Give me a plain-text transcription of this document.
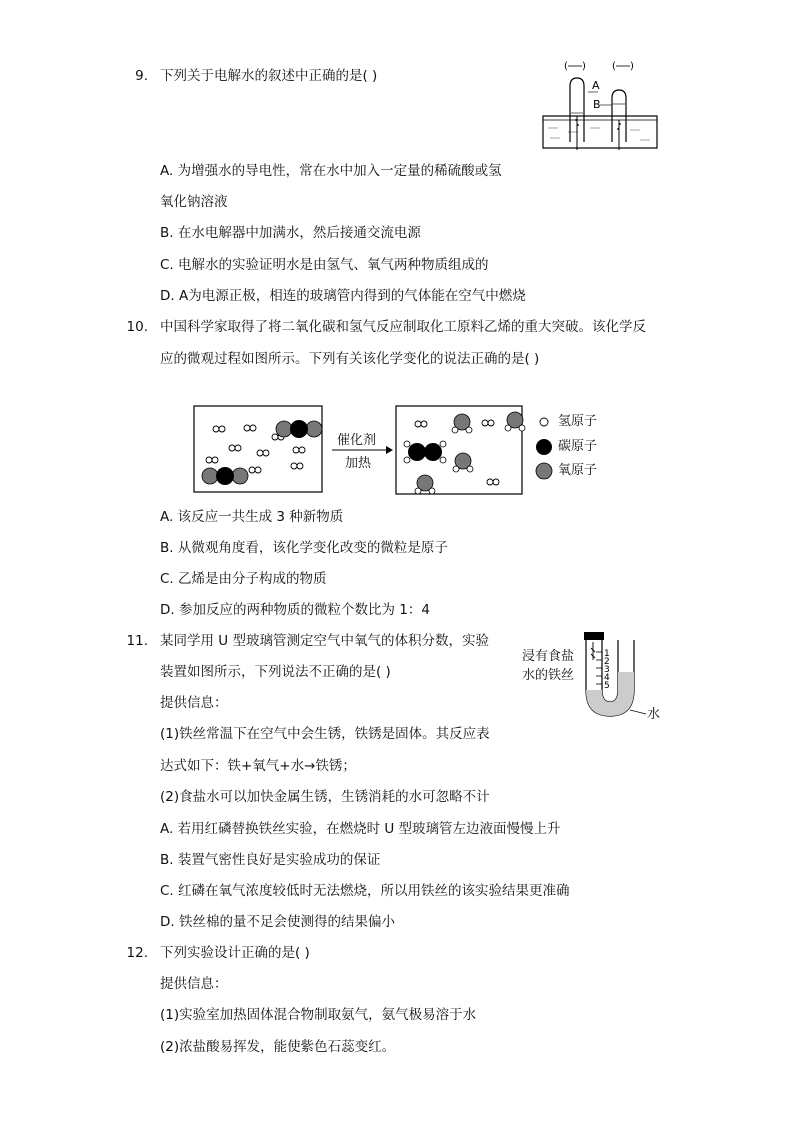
9. 下列关于电解水的叙述中正确的是( )
( )	( )
A
B
A. 为增强水的导电性，常在水中加入一定量的稀硫酸或氢
氧化钠溶液
B. 在水电解器中加满水，然后接通交流电源
C. 电解水的实验证明水是由氢气、氧气两种物质组成的
D. A为电源正极，相连的玻璃管内得到的气体能在空气中燃烧
10. 中国科学家取得了将二氧化碳和氢气反应制取化工原料乙烯的重大突破。该化学反
应的微观过程如图所示。下列有关该化学变化的说法正确的是( )
催化剂
加热
氢原子
碳原子
氧原子
A. 该反应一共生成 3 种新物质
B. 从微观角度看，该化学变化改变的微粒是原子
C. 乙烯是由分子构成的物质
D. 参加反应的两种物质的微粒个数比为 1：4
11. 某同学用 U 型玻璃管测定空气中氧气的体积分数，实验
装置如图所示，下列说法不正确的是( )
提供信息：
(1)铁丝常温下在空气中会生锈，铁锈是固体。其反应表
达式如下：铁+氧气+水→铁锈；
(2)食盐水可以加快金属生锈，生锈消耗的水可忽略不计
1
2
3
4
5
浸有食盐
水的铁丝
水
A. 若用红磷替换铁丝实验，在燃烧时 U 型玻璃管左边液面慢慢上升
B. 装置气密性良好是实验成功的保证
C. 红磷在氧气浓度较低时无法燃烧，所以用铁丝的该实验结果更准确
D. 铁丝棉的量不足会使测得的结果偏小
12. 下列实验设计正确的是( )
提供信息：
(1)实验室加热固体混合物制取氨气，氨气极易溶于水
(2)浓盐酸易挥发，能使紫色石蕊变红。
